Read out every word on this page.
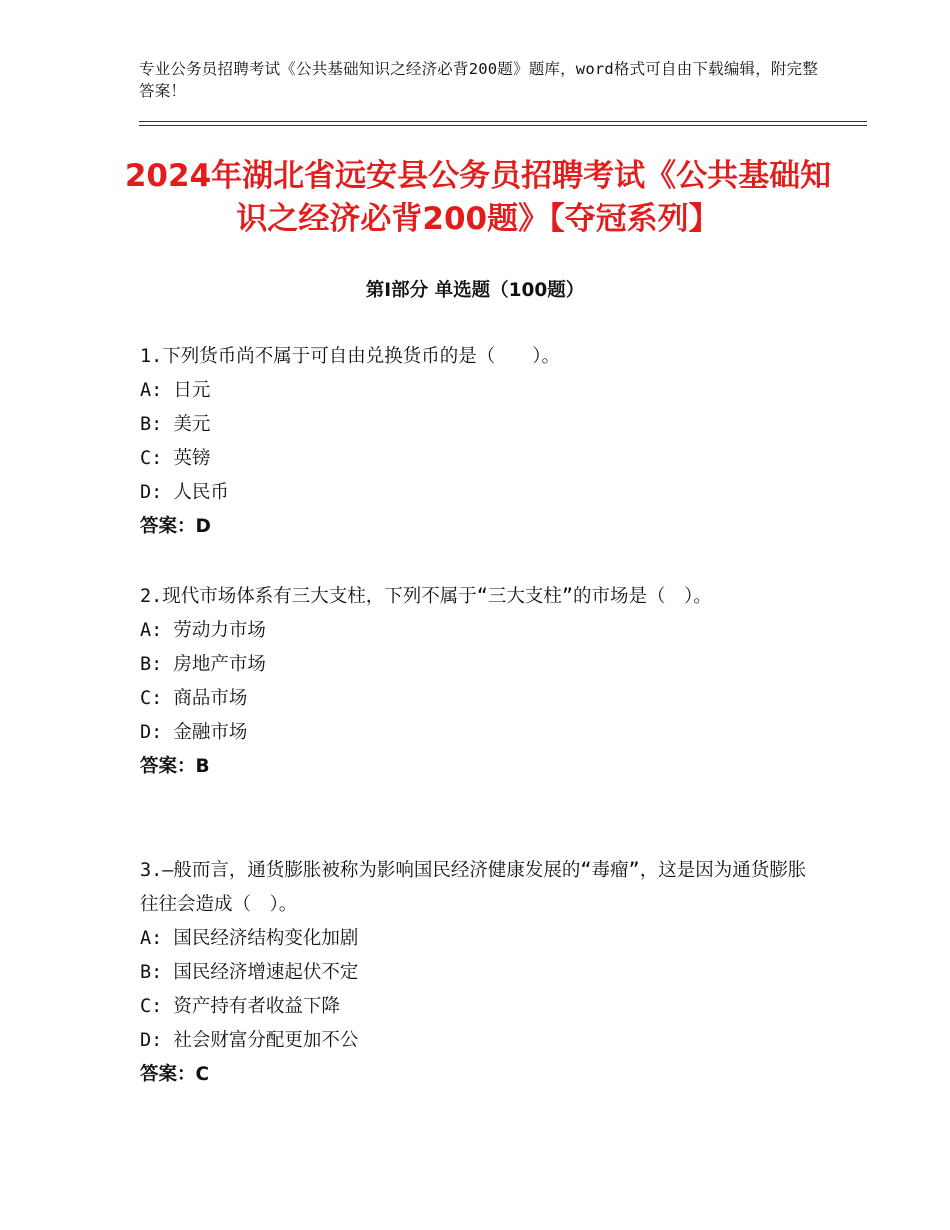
专业公务员招聘考试《公共基础知识之经济必背200题》题库，word格式可自由下载编辑，附完整答案！
2024年湖北省远安县公务员招聘考试《公共基础知识之经济必背200题》【夺冠系列】
第Ⅰ部分 单选题（100题）
1.下列货币尚不属于可自由兑换货币的是（　　）。
A: 日元
B: 美元
C: 英镑
D: 人民币
答案：D
2.现代市场体系有三大支柱，下列不属于“三大支柱”的市场是（　）。
A: 劳动力市场
B: 房地产市场
C: 商品市场
D: 金融市场
答案：B
3.—般而言，通货膨胀被称为影响国民经济健康发展的“毒瘤”，这是因为通货膨胀往往会造成（　）。
A: 国民经济结构变化加剧
B: 国民经济增速起伏不定
C: 资产持有者收益下降
D: 社会财富分配更加不公
答案：C
